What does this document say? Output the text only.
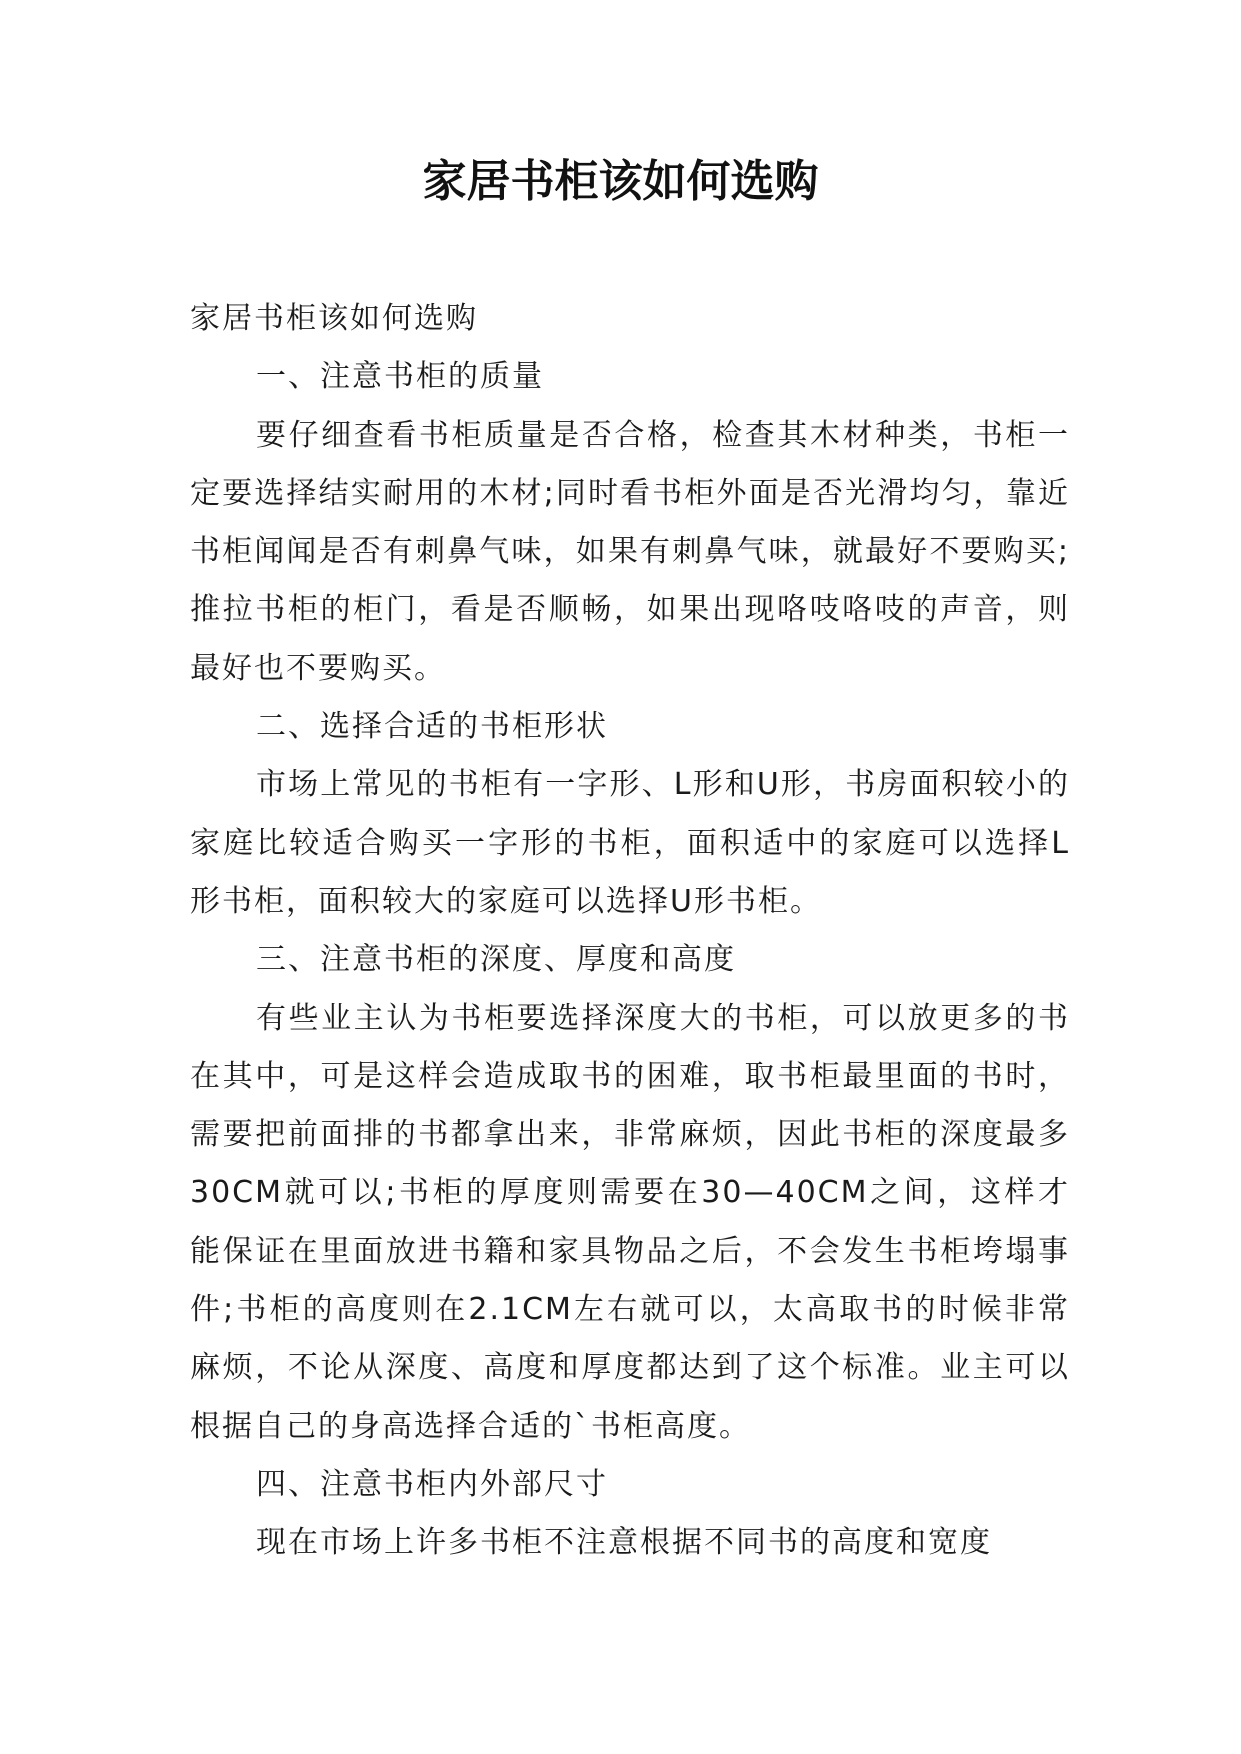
家居书柜该如何选购

家居书柜该如何选购

一、注意书柜的质量

要仔细查看书柜质量是否合格，检查其木材种类，书柜一定要选择结实耐用的木材;同时看书柜外面是否光滑均匀，靠近书柜闻闻是否有刺鼻气味，如果有刺鼻气味，就最好不要购买;推拉书柜的柜门，看是否顺畅，如果出现咯吱咯吱的声音，则最好也不要购买。

二、选择合适的书柜形状

市场上常见的书柜有一字形、L形和U形，书房面积较小的家庭比较适合购买一字形的书柜，面积适中的家庭可以选择L形书柜，面积较大的家庭可以选择U形书柜。

三、注意书柜的深度、厚度和高度

有些业主认为书柜要选择深度大的书柜，可以放更多的书在其中，可是这样会造成取书的困难，取书柜最里面的书时，需要把前面排的书都拿出来，非常麻烦，因此书柜的深度最多30CM就可以;书柜的厚度则需要在30—40CM之间，这样才能保证在里面放进书籍和家具物品之后，不会发生书柜垮塌事件;书柜的高度则在2.1CM左右就可以，太高取书的时候非常麻烦，不论从深度、高度和厚度都达到了这个标准。业主可以根据自己的身高选择合适的`书柜高度。

四、注意书柜内外部尺寸

现在市场上许多书柜不注意根据不同书的高度和宽度
